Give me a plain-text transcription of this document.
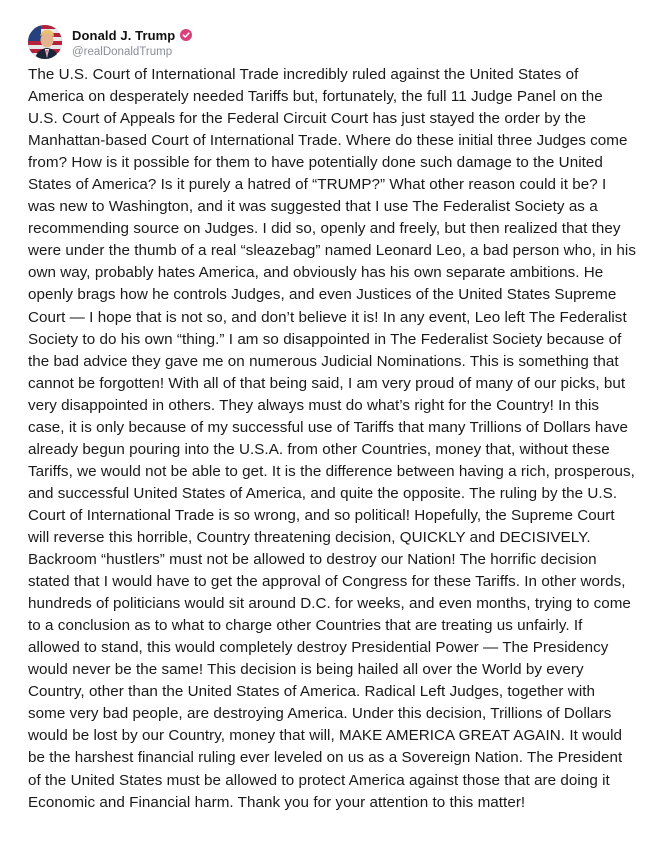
Donald J. Trump
@realDonaldTrump

The U.S. Court of International Trade incredibly ruled against the United States of America on desperately needed Tariffs but, fortunately, the full 11 Judge Panel on the U.S. Court of Appeals for the Federal Circuit Court has just stayed the order by the Manhattan-based Court of International Trade. Where do these initial three Judges come from? How is it possible for them to have potentially done such damage to the United States of America? Is it purely a hatred of “TRUMP?” What other reason could it be? I was new to Washington, and it was suggested that I use The Federalist Society as a recommending source on Judges. I did so, openly and freely, but then realized that they were under the thumb of a real “sleazebag” named Leonard Leo, a bad person who, in his own way, probably hates America, and obviously has his own separate ambitions. He openly brags how he controls Judges, and even Justices of the United States Supreme Court — I hope that is not so, and don’t believe it is! In any event, Leo left The Federalist Society to do his own “thing.” I am so disappointed in The Federalist Society because of the bad advice they gave me on numerous Judicial Nominations. This is something that cannot be forgotten! With all of that being said, I am very proud of many of our picks, but very disappointed in others. They always must do what’s right for the Country! In this case, it is only because of my successful use of Tariffs that many Trillions of Dollars have already begun pouring into the U.S.A. from other Countries, money that, without these Tariffs, we would not be able to get. It is the difference between having a rich, prosperous, and successful United States of America, and quite the opposite. The ruling by the U.S. Court of International Trade is so wrong, and so political! Hopefully, the Supreme Court will reverse this horrible, Country threatening decision, QUICKLY and DECISIVELY. Backroom “hustlers” must not be allowed to destroy our Nation! The horrific decision stated that I would have to get the approval of Congress for these Tariffs. In other words, hundreds of politicians would sit around D.C. for weeks, and even months, trying to come to a conclusion as to what to charge other Countries that are treating us unfairly. If allowed to stand, this would completely destroy Presidential Power — The Presidency would never be the same! This decision is being hailed all over the World by every Country, other than the United States of America. Radical Left Judges, together with some very bad people, are destroying America. Under this decision, Trillions of Dollars would be lost by our Country, money that will, MAKE AMERICA GREAT AGAIN. It would be the harshest financial ruling ever leveled on us as a Sovereign Nation. The President of the United States must be allowed to protect America against those that are doing it Economic and Financial harm. Thank you for your attention to this matter!
